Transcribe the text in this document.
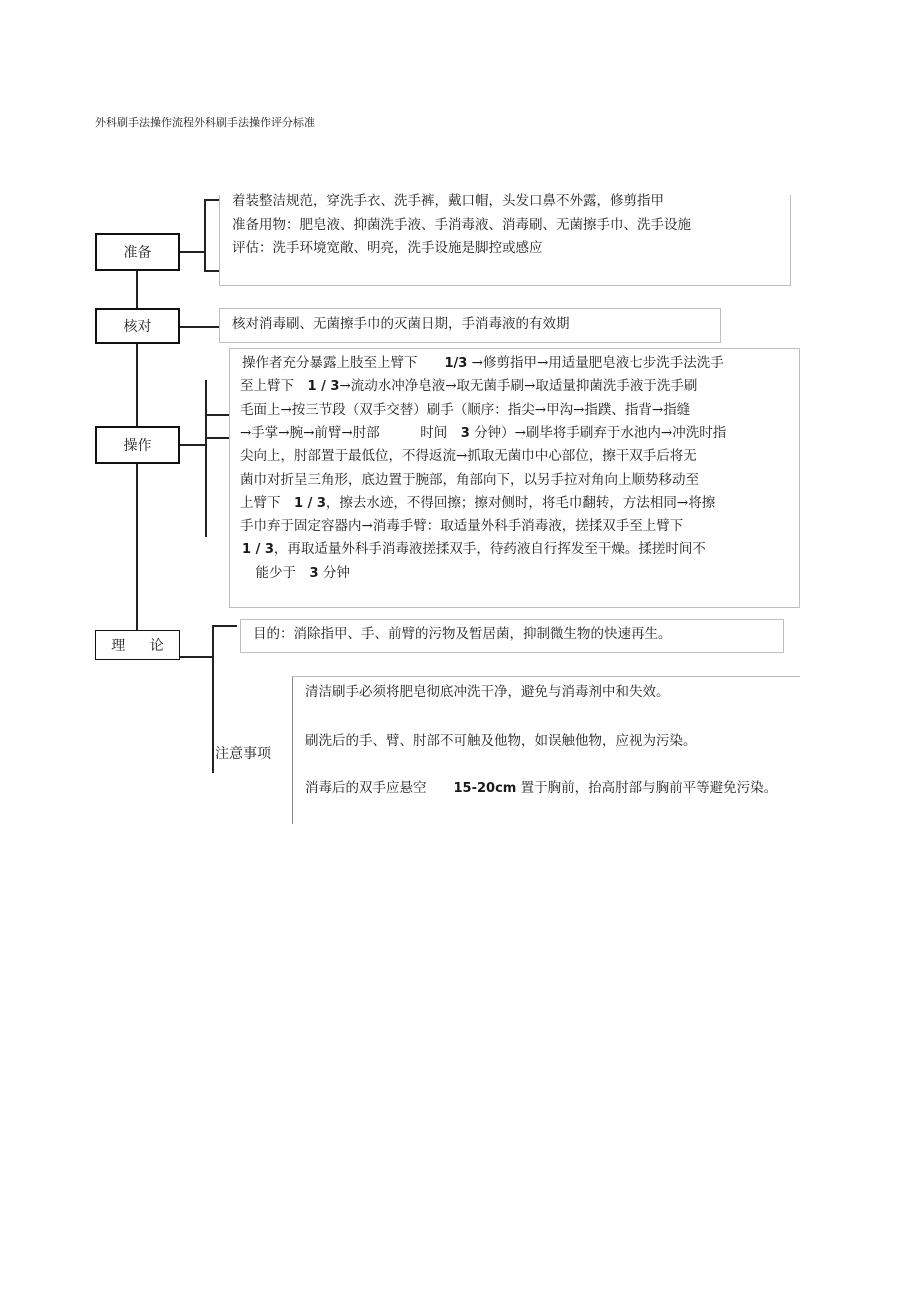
外科刷手法操作流程外科刷手法操作评分标准
准备
着装整洁规范，穿洗手衣、洗手裤，戴口帽，头发口鼻不外露，修剪指甲
准备用物：肥皂液、抑菌洗手液、手消毒液、消毒刷、无菌擦手巾、洗手设施
评估：洗手环境宽敞、明亮，洗手设施是脚控或感应
核对	核对消毒刷、无菌擦手巾的灭菌日期，手消毒液的有效期
操作
操作者充分暴露上肢至上臂下　　1/3 →修剪指甲→用适量肥皂液七步洗手法洗手
至上臂下　1 / 3→流动水冲净皂液→取无菌手刷→取适量抑菌洗手液于洗手刷
毛面上→按三节段（双手交替）刷手（顺序：指尖→甲沟→指蹼、指背→指缝
→手掌→腕→前臂→肘部　　　时间　3 分钟）→刷毕将手刷弃于水池内→冲洗时指
尖向上，肘部置于最低位，不得返流→抓取无菌巾中心部位，擦干双手后将无
菌巾对折呈三角形，底边置于腕部，角部向下，以另手拉对角向上顺势移动至
上臂下　1 / 3，擦去水迹，不得回擦；擦对侧时，将毛巾翻转，方法相同→将擦
手巾弃于固定容器内→消毒手臂：取适量外科手消毒液，搓揉双手至上臂下
1 / 3，再取适量外科手消毒液搓揉双手，待药液自行挥发至干燥。揉搓时间不
　能少于　3 分钟
理 论
目的：消除指甲、手、前臂的污物及暂居菌，抑制微生物的快速再生。
注意事项
清洁刷手必须将肥皂彻底冲洗干净，避免与消毒剂中和失效。
刷洗后的手、臂、肘部不可触及他物，如误触他物，应视为污染。
消毒后的双手应悬空　　15-20cm 置于胸前，抬高肘部与胸前平等避免污染。
